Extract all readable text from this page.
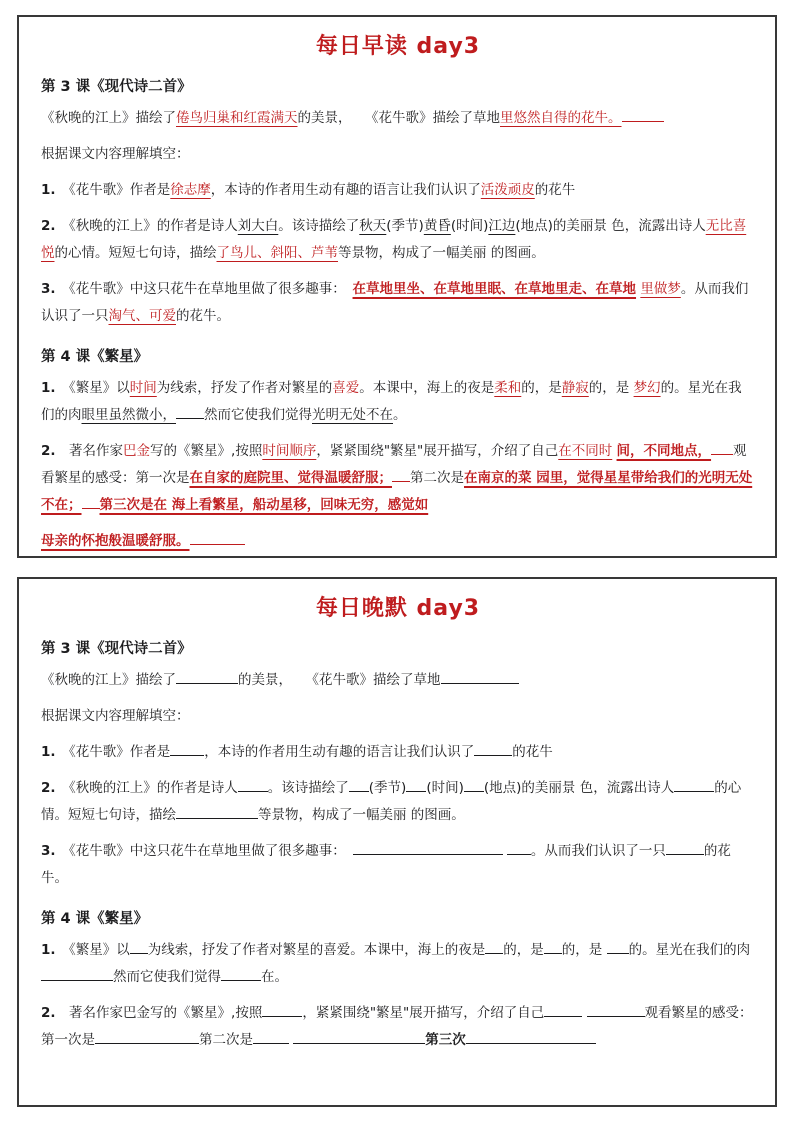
每日早读 day3
第 3 课《现代诗二首》

《秋晚的江上》描绘了倦鸟归巢和红霞满天的美景，　　《花牛歌》描绘了草地里悠然自得的花牛。

根据课文内容理解填空：

1.　《花牛歌》作者是徐志摩，本诗的作者用生动有趣的语言让我们认识了活泼顽皮的花牛

2.　《秋晚的江上》的作者是诗人刘大白。该诗描绘了秋天(季节)黄昏(时间)江边(地点)的美丽景 色，流露出诗人无比喜悦的心情。短短七句诗，描绘了鸟儿、斜阳、芦苇等景物，构成了一幅美丽 的图画。

3.　《花牛歌》中这只花牛在草地里做了很多趣事：　在草地里坐、在草地里眠、在草地里走、在草地 里做梦。从而我们认识了一只淘气、可爱的花牛。

第 4 课《繁星》

1.　《繁星》以时间为线索，抒发了作者对繁星的喜爱。本课中，海上的夜是柔和的，是静寂的，是 梦幻的。星光在我们的肉眼里虽然微小， 然而它使我们觉得光明无处不在。

2.　著名作家巴金写的《繁星》,按照时间顺序，紧紧围绕"繁星"展开描写，介绍了自己在不同时 间，不同地点， 观看繁星的感受：第一次是在自家的庭院里、觉得温暖舒服； 第二次是在南京的菜 园里，觉得星星带给我们的光明无处不在； 第三次是在 海上看繁星，船动星移，回味无穷，感觉如

母亲的怀抱般温暖舒服。

每日晚默 day3
第 3 课《现代诗二首》

《秋晚的江上》描绘了	的美景，　　《花牛歌》描绘了草地

根据课文内容理解填空：

1.　《花牛歌》作者是	，本诗的作者用生动有趣的语言让我们认识了	的花牛

2.　《秋晚的江上》的作者是诗人 。该诗描绘了 (季节) (时间) (地点)的美丽景 色，流露出诗人	的心情。短短七句诗，描绘	等景物，构成了一幅美丽 的图画。

3.　《花牛歌》中这只花牛在草地里做了很多趣事：　	。从而我们认识了一只	的花牛。

第 4 课《繁星》

1.　《繁星》以 为线索，抒发了作者对繁星的喜爱。本课中，海上的夜是 的，是 的，是 的。星光在我们的肉然而它使我们觉得	在。

2.　著名作家巴金写的《繁星》,按照	，紧紧围绕"繁星"展开描写，介绍了自己	观看繁星的感受：第一次是	第二次是	第三次
